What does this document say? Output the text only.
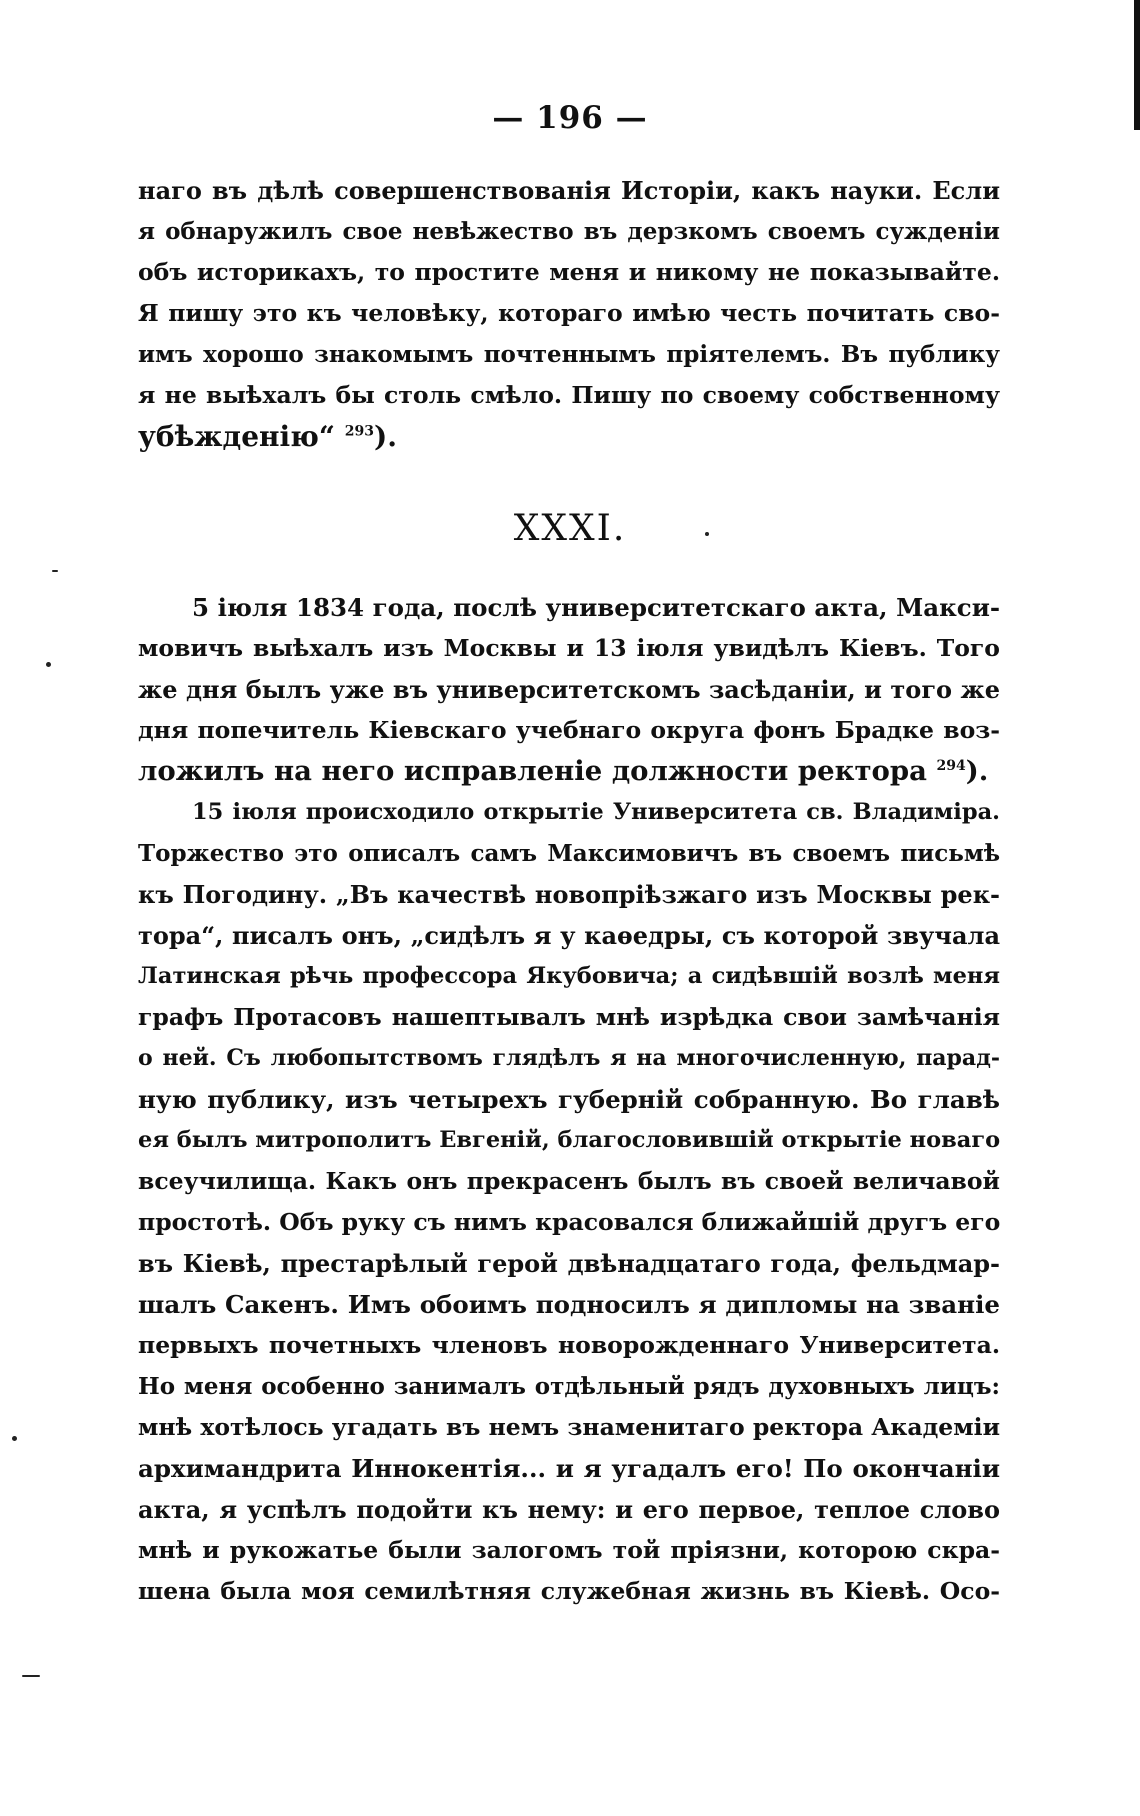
— 196 —
наго въ дѣлѣ совершенствованія Исторіи, какъ науки. Если
я обнаружилъ свое невѣжество въ дерзкомъ своемъ сужденіи
объ историкахъ, то простите меня и никому не показывайте.
Я пишу это къ человѣку, котораго имѣю честь почитать сво-
имъ хорошо знакомымъ почтеннымъ пріятелемъ. Въ публику
я не выѣхалъ бы столь смѣло. Пишу по своему собственному
убѣжденію“ $^{293}$).
XXXI.
5 іюля 1834 года, послѣ университетскаго акта, Макси-
мовичъ выѣхалъ изъ Москвы и 13 іюля увидѣлъ Кіевъ. Того
же дня былъ уже въ университетскомъ засѣданіи, и того же
дня попечитель Кіевскаго учебнаго округа фонъ Брадке воз-
ложилъ на него исправленіе должности ректора $^{294}$).
15 іюля происходило открытіе Университета св. Владиміра.
Торжество это описалъ самъ Максимовичъ въ своемъ письмѣ
къ Погодину. „Въ качествѣ новопріѣзжаго изъ Москвы рек-
тора“, писалъ онъ, „сидѣлъ я у каѳедры, съ которой звучала
Латинская рѣчь профессора Якубовича; а сидѣвшій возлѣ меня
графъ Протасовъ нашептывалъ мнѣ изрѣдка свои замѣчанія
о ней. Съ любопытствомъ глядѣлъ я на многочисленную, парад-
ную публику, изъ четырехъ губерній собранную. Во главѣ
ея былъ митрополитъ Евгеній, благословившій открытіе новаго
всеучилища. Какъ онъ прекрасенъ былъ въ своей величавой
простотѣ. Объ руку съ нимъ красовался ближайшій другъ его
въ Кіевѣ, престарѣлый герой двѣнадцатаго года, фельдмар-
шалъ Сакенъ. Имъ обоимъ подносилъ я дипломы на званіе
первыхъ почетныхъ членовъ новорожденнаго Университета.
Но меня особенно занималъ отдѣльный рядъ духовныхъ лицъ:
мнѣ хотѣлось угадать въ немъ знаменитаго ректора Академіи
архимандрита Иннокентія... и я угадалъ его! По окончаніи
акта, я успѣлъ подойти къ нему: и его первое, теплое слово
мнѣ и рукожатье были залогомъ той пріязни, которою скра-
шена была моя семилѣтняя служебная жизнь въ Кіевѣ. Осо-
